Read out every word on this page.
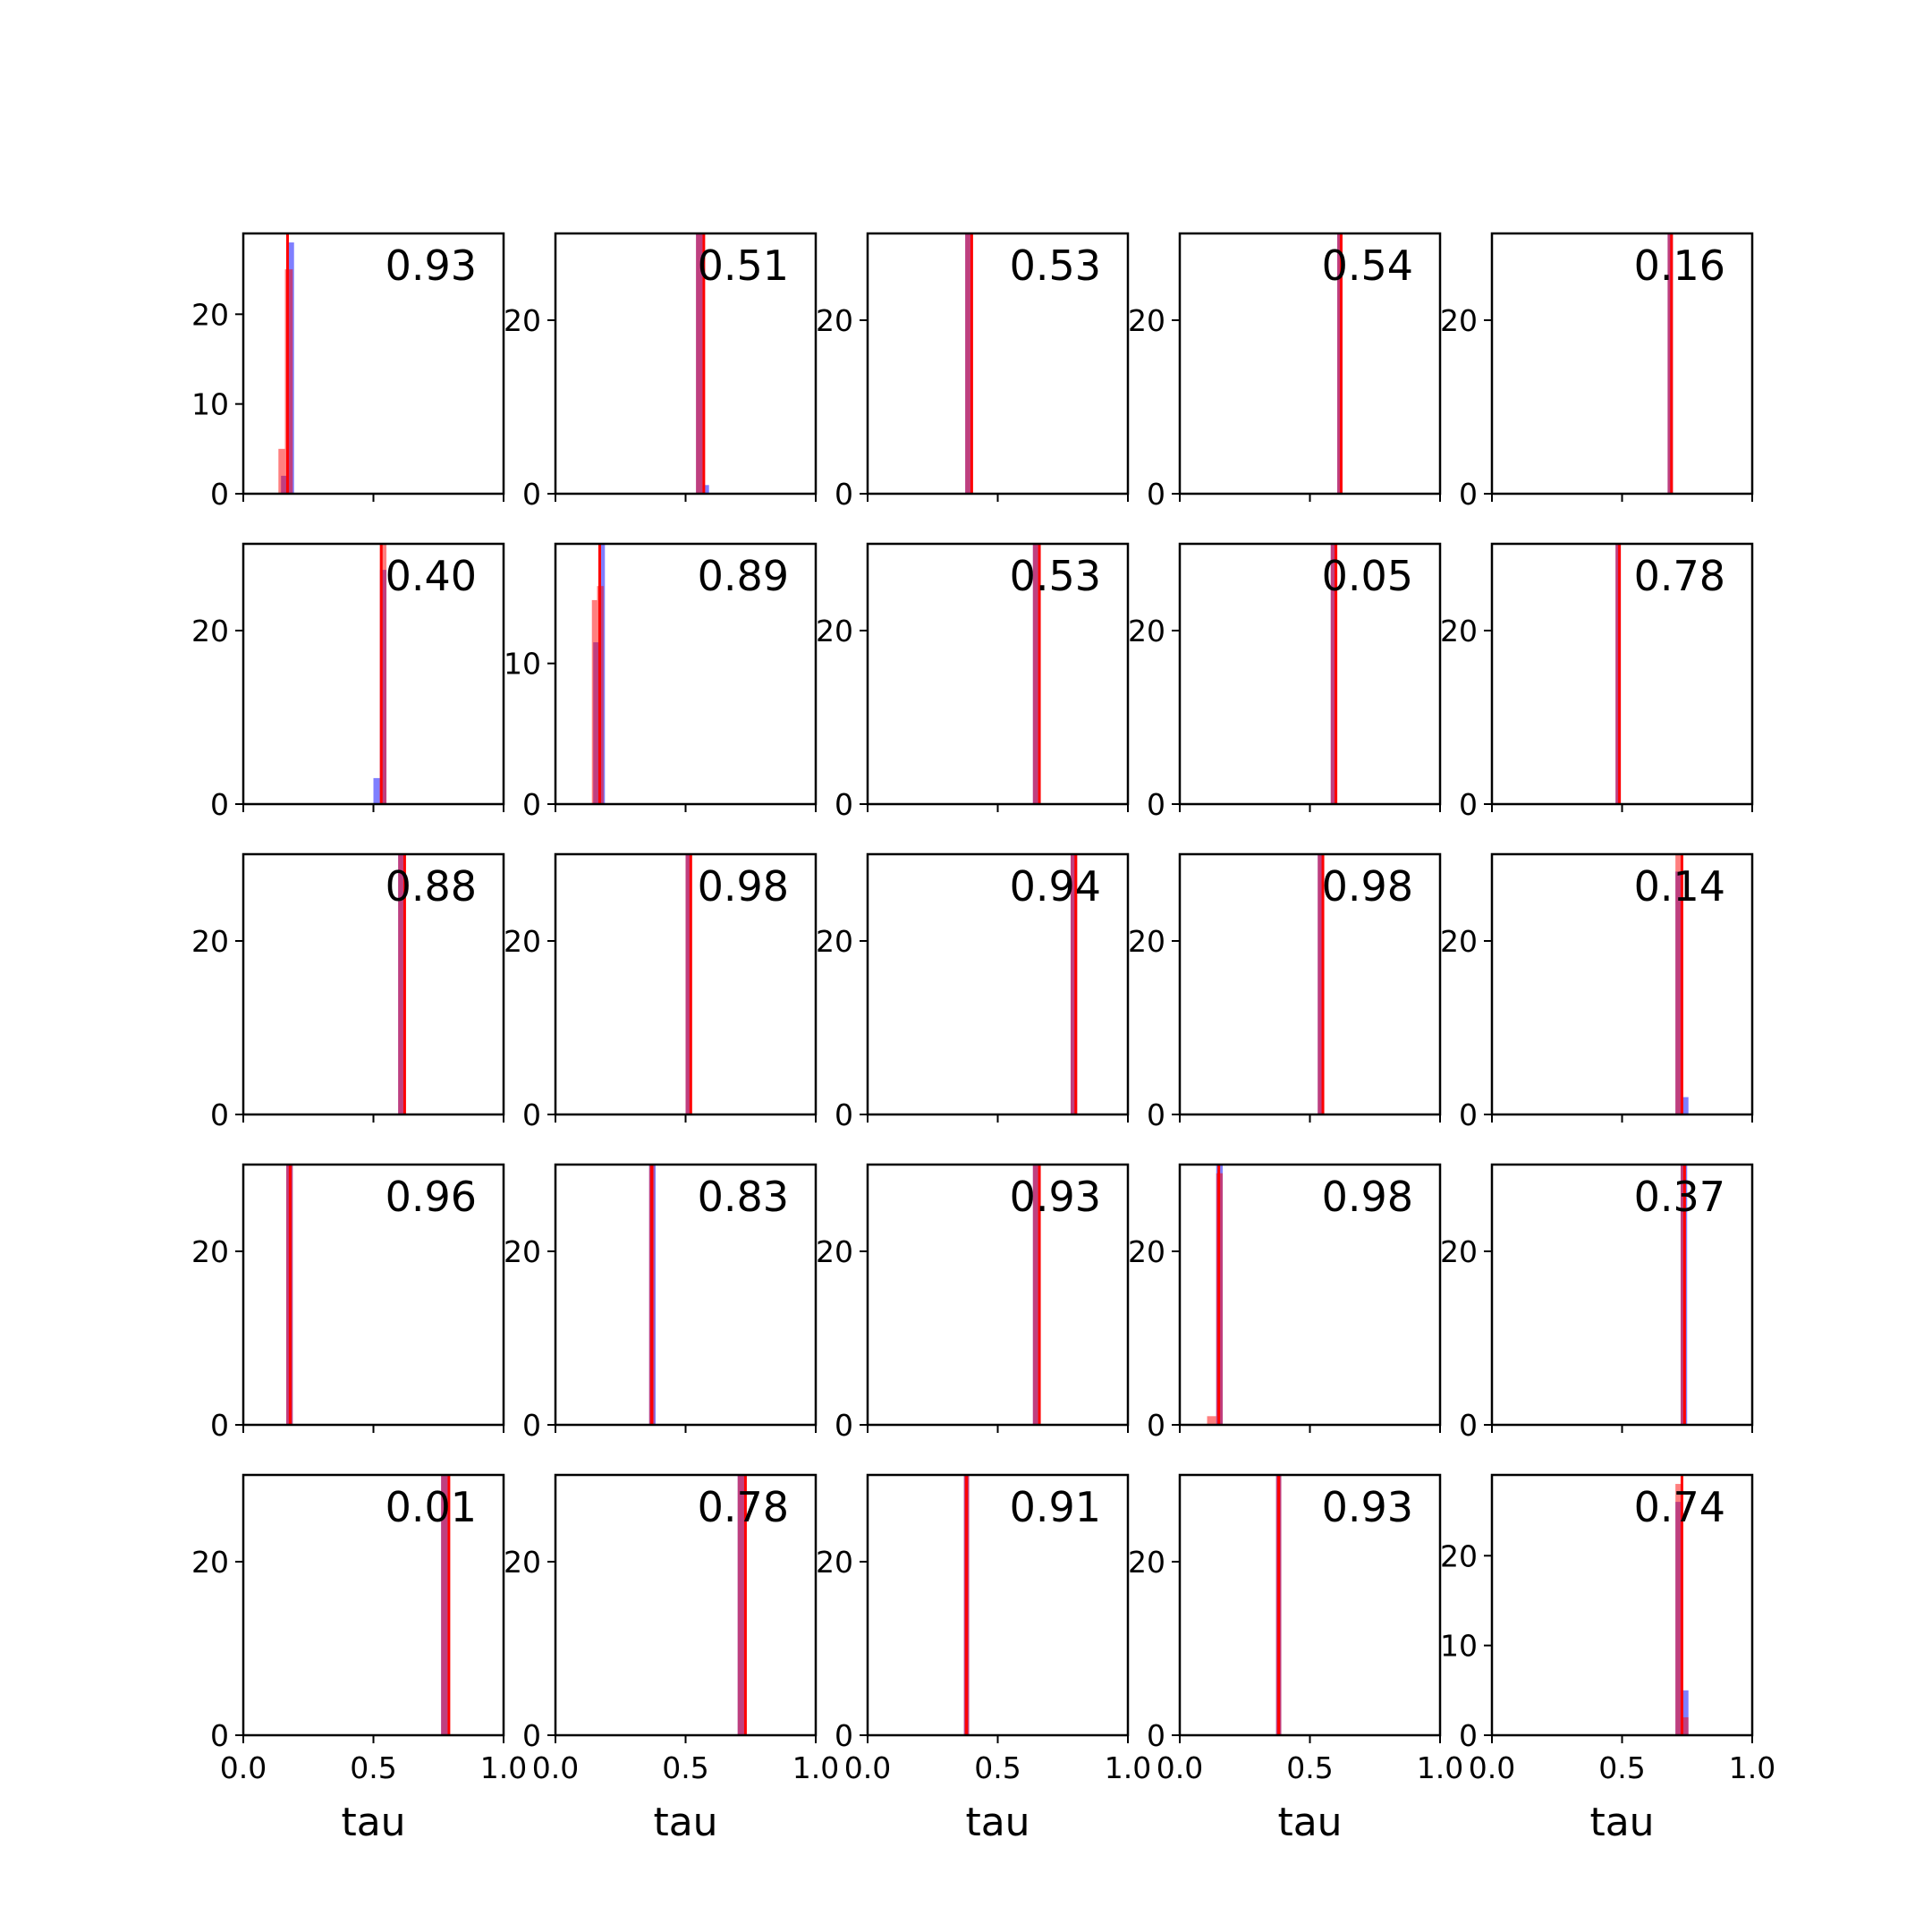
0
10
20
0.93
0
20
0.51
0
20
0.53
0
20
0.54
0
20
0.16
0
20
0.40
0
10
0.89
0
20
0.53
0
20
0.05
0
20
0.78
0
20
0.88
0
20
0.98
0
20
0.94
0
20
0.98
0
20
0.14
0
20
0.96
0
20
0.83
0
20
0.93
0
20
0.98
0
20
0.37
0
20
0.0	0.5	1.0
tau
0.01
0
20
0.0	0.5	1.0
tau
0.78
0
20
0.0	0.5	1.0
tau
0.91
0
20
0.0	0.5	1.0
tau
0.93
0
10
20
0.0	0.5	1.0
tau
0.74
